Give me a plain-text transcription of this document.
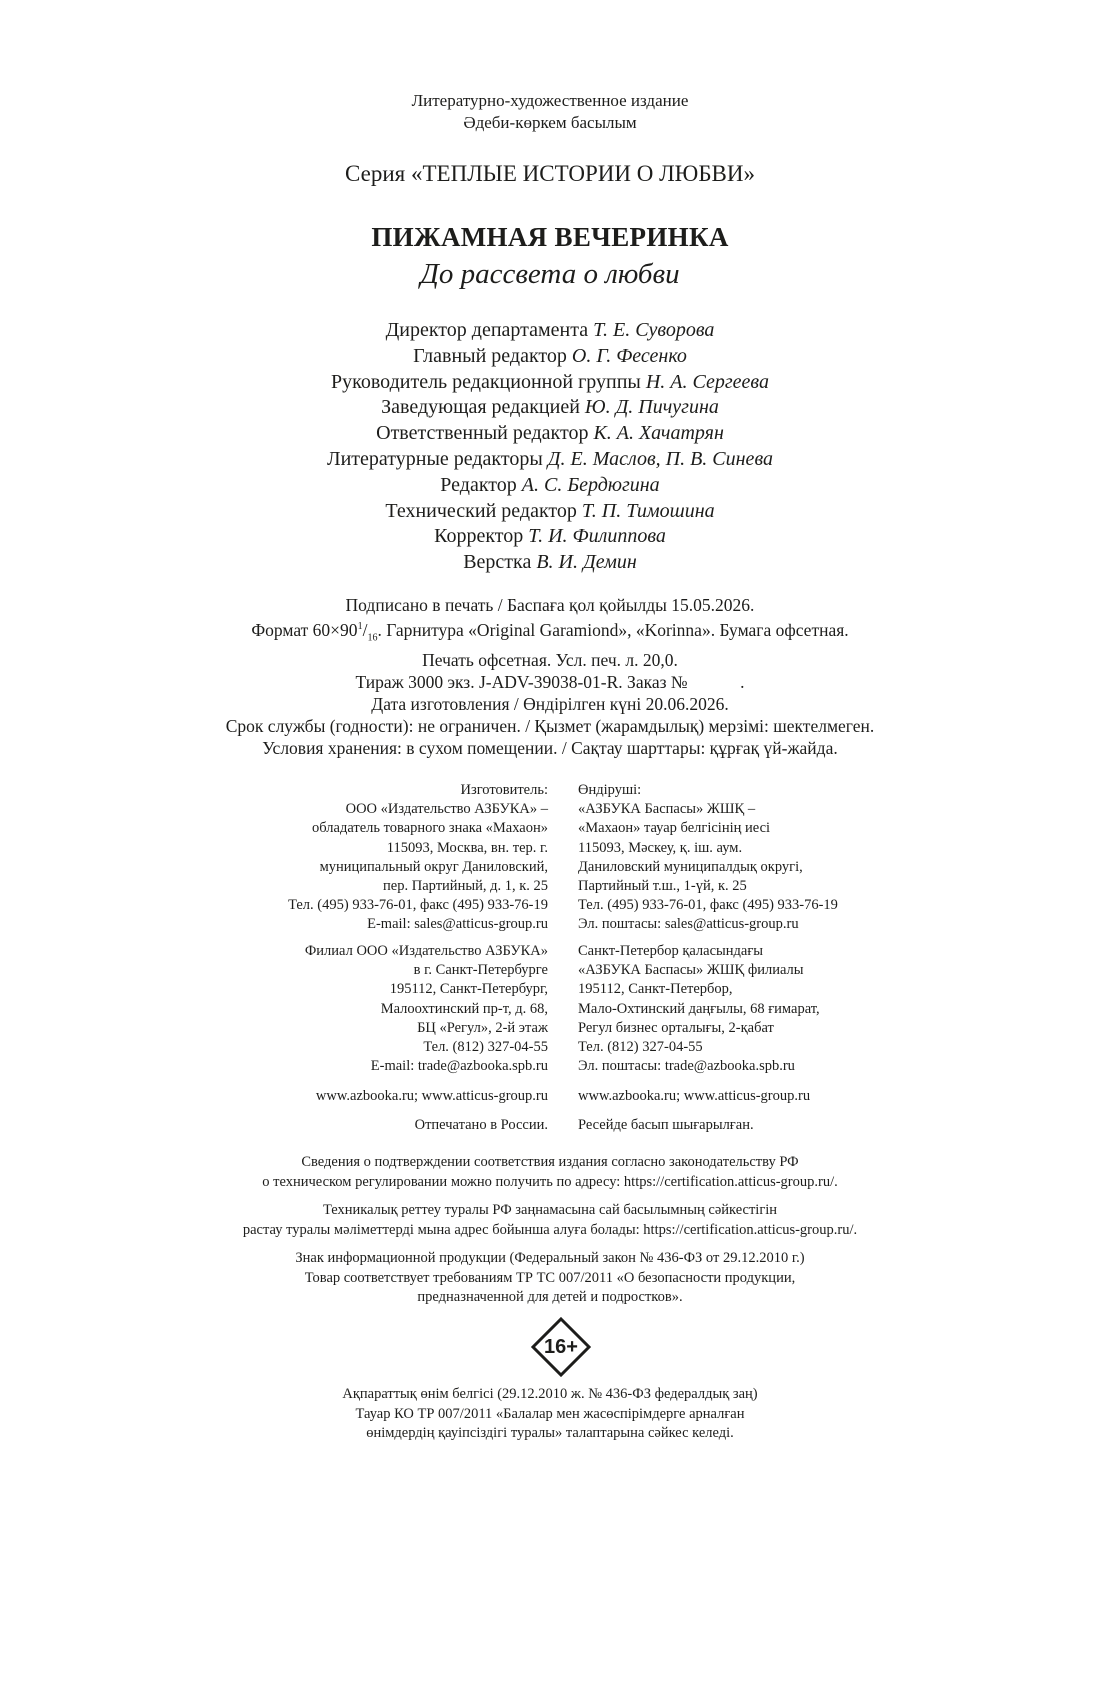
Литературно-художественное издание
Әдеби-көркем басылым
Серия «ТЕПЛЫЕ ИСТОРИИ О ЛЮБВИ»
ПИЖАМНАЯ ВЕЧЕРИНКА
До рассвета о любви
Директор департамента Т. Е. Суворова
Главный редактор О. Г. Фесенко
Руководитель редакционной группы Н. А. Сергеева
Заведующая редакцией Ю. Д. Пичугина
Ответственный редактор К. А. Хачатрян
Литературные редакторы Д. Е. Маслов, П. В. Синева
Редактор А. С. Бердюгина
Технический редактор Т. П. Тимошина
Корректор Т. И. Филиппова
Верстка В. И. Демин
Подписано в печать / Баспаға қол қойылды 15.05.2026.
Формат $60\times 90^1/_{16}$. Гарнитура «Original Garamiond», «Korinna». Бумага офсетная.
Печать офсетная. Усл. печ. л. 20,0.
Тираж 3000 экз. J-ADV-39038-01-R. Заказ №            .
Дата изготовления / Өндірілген күні 20.06.2026.
Срок службы (годности): не ограничен. / Қызмет (жарамдылық) мерзімі: шектелмеген.
Условия хранения: в сухом помещении. / Сақтау шарттары: құрғақ үй-жайда.
Изготовитель:
ООО «Издательство АЗБУКА» –
обладатель товарного знака «Махаон»
115093, Москва, вн. тер. г.
муниципальный округ Даниловский,
пер. Партийный, д. 1, к. 25
Тел. (495) 933-76-01, факс (495) 933-76-19
E-mail: sales@atticus-group.ru
Өндіруші:
«АЗБУКА Баспасы» ЖШҚ –
«Махаон» тауар белгісінің иесі
115093, Мәскеу, қ. іш. аум.
Даниловский муниципалдық округі,
Партийный т.ш., 1-үй, к. 25
Тел. (495) 933-76-01, факс (495) 933-76-19
Эл. поштасы: sales@atticus-group.ru
Филиал ООО «Издательство АЗБУКА»
в г. Санкт-Петербурге
195112, Санкт-Петербург,
Малоохтинский пр-т, д. 68,
БЦ «Регул», 2-й этаж
Тел. (812) 327-04-55
E-mail: trade@azbooka.spb.ru
Санкт-Петербор қаласындағы
«АЗБУКА Баспасы» ЖШҚ филиалы
195112, Санкт-Петербор,
Мало-Охтинский даңғылы, 68 ғимарат,
Регул бизнес орталығы, 2-қабат
Тел. (812) 327-04-55
Эл. поштасы: trade@azbooka.spb.ru
www.azbooka.ru; www.atticus-group.ru www.azbooka.ru; www.atticus-group.ru
Отпечатано в России. Ресейде басып шығарылған.
Сведения о подтверждении соответствия издания согласно законодательству РФ
о техническом регулировании можно получить по адресу: https://certification.atticus-group.ru/.
Техникалық реттеу туралы РФ заңнамасына сай басылымның сәйкестігін
растау туралы мәліметтерді мына адрес бойынша алуға болады: https://certification.atticus-group.ru/.
Знак информационной продукции (Федеральный закон № 436-ФЗ от 29.12.2010 г.)
Товар соответствует требованиям ТР ТС 007/2011 «О безопасности продукции,
предназначенной для детей и подростков».
16+
Ақпараттық өнім белгісі (29.12.2010 ж. № 436-ФЗ федералдық заң)
Тауар КО ТР 007/2011 «Балалар мен жасөспірімдерге арналған
өнімдердің қауіпсіздігі туралы» талаптарына сәйкес келеді.
